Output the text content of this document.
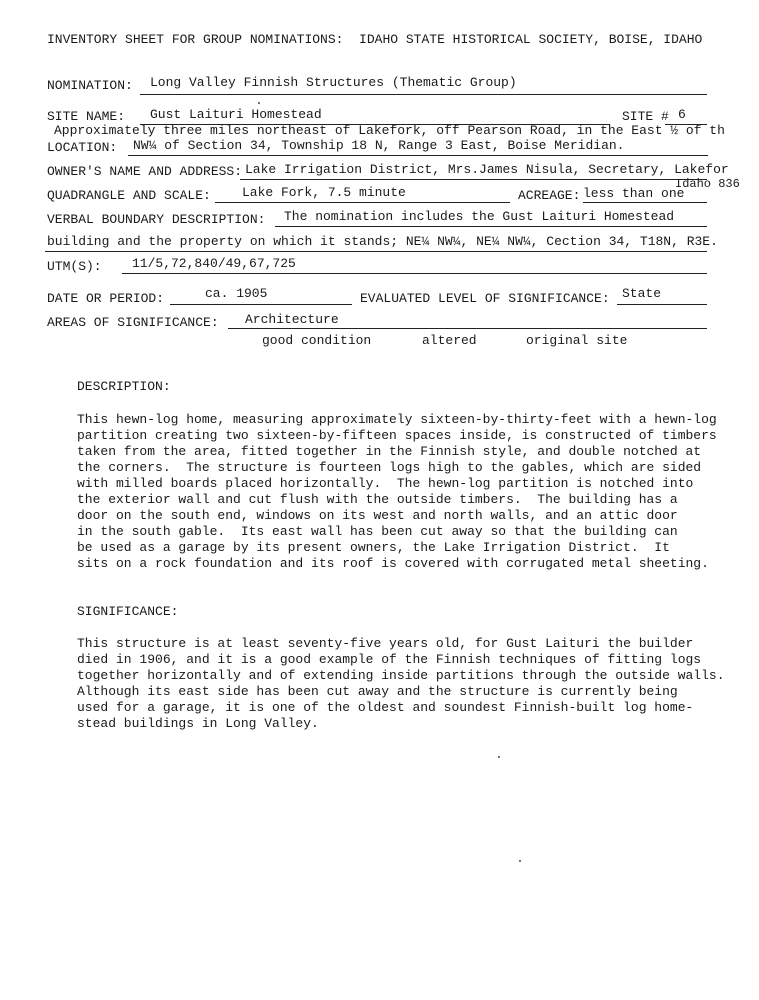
INVENTORY SHEET FOR GROUP NOMINATIONS:  IDAHO STATE HISTORICAL SOCIETY, BOISE, IDAHO
NOMINATION: Long Valley Finnish Structures (Thematic Group)
SITE NAME: Gust Laituri Homestead	SITE # 6
Approximately three miles northeast of Lakefork, off Pearson Road, in the East ½ of th
LOCATION: NW¼ of Section 34, Township 18 N, Range 3 East, Boise Meridian.
OWNER'S NAME AND ADDRESS: Lake Irrigation District, Mrs.James Nisula, Secretary, Lakefor
Idaho 836
QUADRANGLE AND SCALE: Lake Fork, 7.5 minute	ACREAGE: less than one
VERBAL BOUNDARY DESCRIPTION: The nomination includes the Gust Laituri Homestead
building and the property on which it stands; NE¼ NW¼, NE¼ NW¼, Cection 34, T18N, R3E.
UTM(S): 11/5,72,840/49,67,725
DATE OR PERIOD:	ca. 1905	EVALUATED LEVEL OF SIGNIFICANCE: State
AREAS OF SIGNIFICANCE: Architecture
good condition	altered	original site
DESCRIPTION:
This hewn-log home, measuring approximately sixteen-by-thirty-feet with a hewn-log
partition creating two sixteen-by-fifteen spaces inside, is constructed of timbers
taken from the area, fitted together in the Finnish style, and double notched at
the corners.  The structure is fourteen logs high to the gables, which are sided
with milled boards placed horizontally.  The hewn-log partition is notched into
the exterior wall and cut flush with the outside timbers.  The building has a
door on the south end, windows on its west and north walls, and an attic door
in the south gable.  Its east wall has been cut away so that the building can
be used as a garage by its present owners, the Lake Irrigation District.  It
sits on a rock foundation and its roof is covered with corrugated metal sheeting.
SIGNIFICANCE:
This structure is at least seventy-five years old, for Gust Laituri the builder
died in 1906, and it is a good example of the Finnish techniques of fitting logs
together horizontally and of extending inside partitions through the outside walls.
Although its east side has been cut away and the structure is currently being
used for a garage, it is one of the oldest and soundest Finnish-built log home-
stead buildings in Long Valley.
